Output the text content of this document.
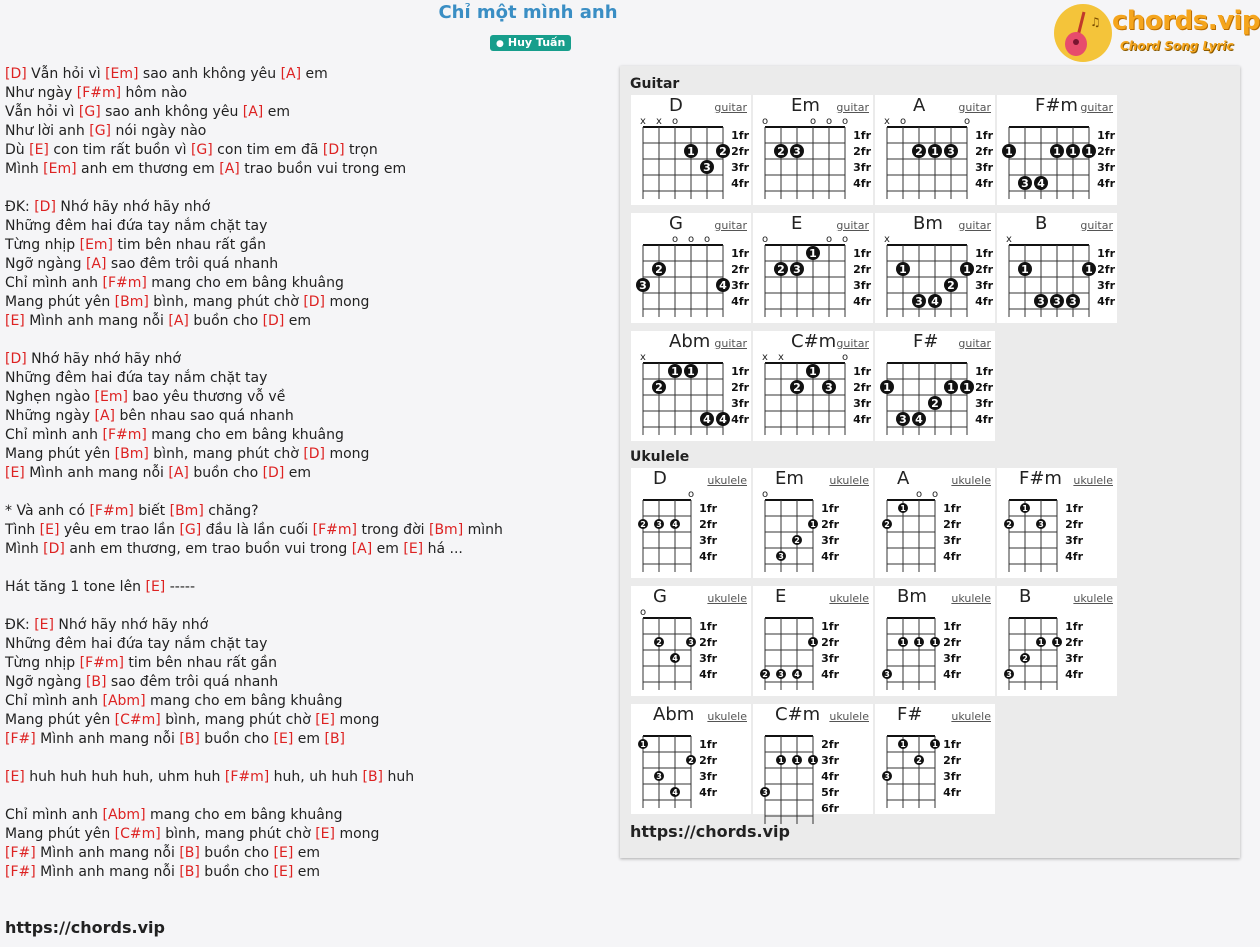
Chỉ một mình anh
● Huy Tuấn
♫ chords.vip
Chord Song Lyric
[D] Vẫn hỏi vì [Em] sao anh không yêu [A] em
Như ngày [F#m] hôm nào
Vẫn hỏi vì [G] sao anh không yêu [A] em
Như lời anh [G] nói ngày nào
Dù [E] con tim rất buồn vì [G] con tim em đã [D] trọn
Mình [Em] anh em thương em [A] trao buồn vui trong em
ĐK: [D] Nhớ hãy nhớ hãy nhớ
Những đêm hai đứa tay nắm chặt tay
Từng nhịp [Em] tim bên nhau rất gần
Ngỡ ngàng [A] sao đêm trôi quá nhanh
Chỉ mình anh [F#m] mang cho em bâng khuâng
Mang phút yên [Bm] bình, mang phút chờ [D] mong
[E] Mình anh mang nỗi [A] buồn cho [D] em
[D] Nhớ hãy nhớ hãy nhớ
Những đêm hai đứa tay nắm chặt tay
Nghẹn ngào [Em] bao yêu thương vỗ về
Những ngày [A] bên nhau sao quá nhanh
Chỉ mình anh [F#m] mang cho em bâng khuâng
Mang phút yên [Bm] bình, mang phút chờ [D] mong
[E] Mình anh mang nỗi [A] buồn cho [D] em
* Và anh có [F#m] biết [Bm] chăng?
Tình [E] yêu em trao lần [G] đầu là lần cuối [F#m] trong đời [Bm] mình
Mình [D] anh em thương, em trao buồn vui trong [A] em [E] há ...
Hát tăng 1 tone lên [E] -----
ĐK: [E] Nhớ hãy nhớ hãy nhớ
Những đêm hai đứa tay nắm chặt tay
Từng nhịp [F#m] tim bên nhau rất gần
Ngỡ ngàng [B] sao đêm trôi quá nhanh
Chỉ mình anh [Abm] mang cho em bâng khuâng
Mang phút yên [C#m] bình, mang phút chờ [E] mong
[F#] Mình anh mang nỗi [B] buồn cho [E] em [B]
[E] huh huh huh huh, uhm huh [F#m] huh, uh huh [B] huh
Chỉ mình anh [Abm] mang cho em bâng khuâng
Mang phút yên [C#m] bình, mang phút chờ [E] mong
[F#] Mình anh mang nỗi [B] buồn cho [E] em
[F#] Mình anh mang nỗi [B] buồn cho [E] em
https://chords.vip
Guitar
1fr
2fr
3fr
4fr
x x o
1 2
3
D	guitar
1fr
2fr
3fr
4fr
o	o o o
2 3
Em guitar
1fr
2fr
3fr
4fr
x o	o
2 1 3
A	guitar
1fr
2fr
3fr
4fr
1	1 1 1
3 4
F#m guitar
1fr
2fr
3fr
4fr
o o o
2
3	4
G	guitar
1fr
2fr
3fr
4fr
o	o o
1
2 3
E	guitar
1fr
2fr
3fr
4fr
x
1	1
2
3 4
Bm guitar
1fr
2fr
3fr
4fr
x
1	1
3 3 3
B	guitar
1fr
2fr
3fr
4fr
x
1 1
2
4 4
Abm guitar
1fr
2fr
3fr
4fr
x x	o
1
2 3
C#m guitar
1fr
2fr
3fr
4fr
1	1 1
2
3 4
F# guitar
Ukulele
1fr
2fr
3fr
4fr
o
2 3 4
D	ukulele
1fr
2fr
3fr
4fr
o
1
2
3
Em ukulele
1fr
2fr
3fr
4fr
o o
1
2
A	ukulele
1fr
2fr
3fr
4fr
1
2	3
F#m ukulele
1fr
2fr
3fr
4fr
o
2	3
4
G	ukulele
1fr
2fr
3fr
4fr
1
2 3 4
E	ukulele
1fr
2fr
3fr
4fr
1 1 1
3
Bm ukulele
1fr
2fr
3fr
4fr
1 1
2
3
B	ukulele
1fr
2fr
3fr
4fr
1
2
3
4
Abm ukulele
2fr
3fr
4fr
5fr
6fr
1 1 1
3
C#m ukulele
1fr
2fr
3fr
4fr
1	1
2
3
F#	ukulele
https://chords.vip
